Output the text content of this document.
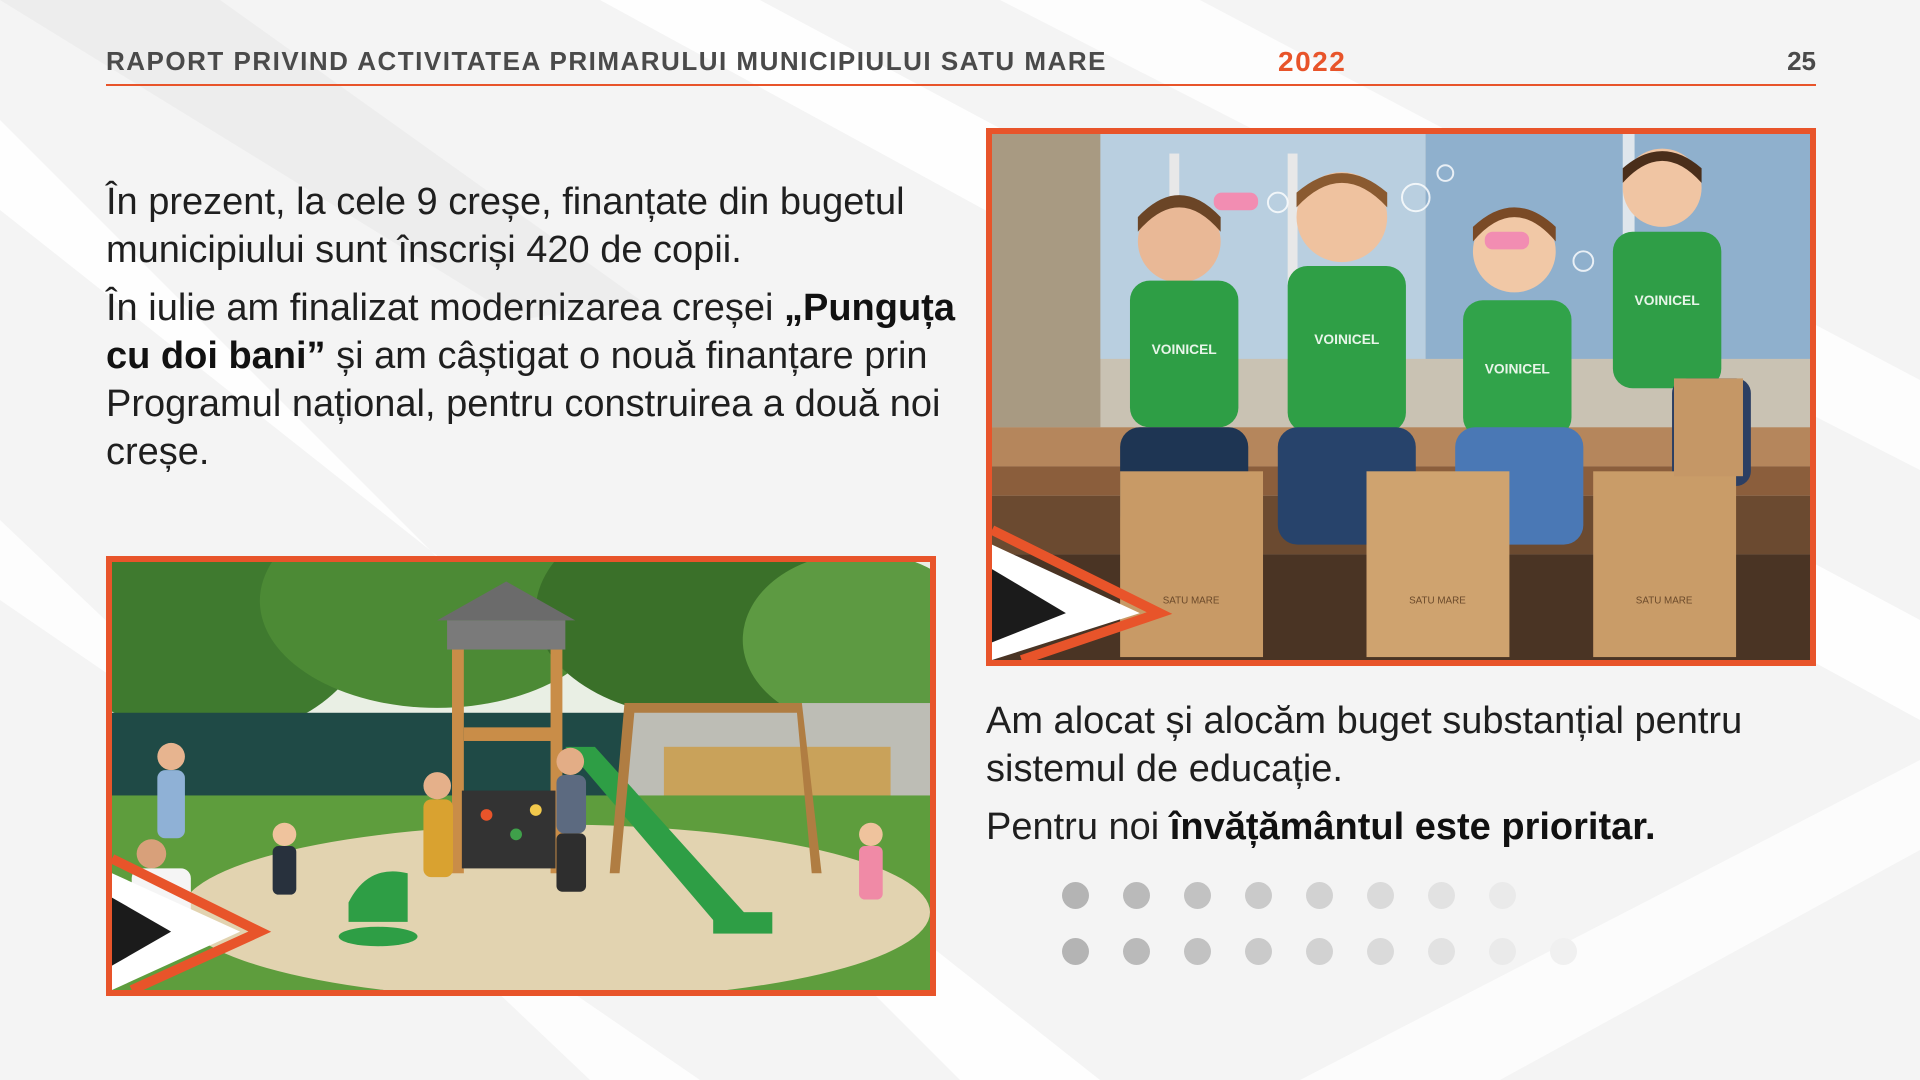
RAPORT PRIVIND ACTIVITATEA PRIMARULUI MUNICIPIULUI SATU MARE	2022	25

În prezent, la cele 9 creșe, finanțate din bugetul municipiului sunt înscriși 420 de copii.

În iulie am finalizat modernizarea creșei „Punguța cu doi bani” și am câștigat o nouă finanțare prin Programul național, pentru construirea a două noi creșe.

SATU MARE	SATU MARE	SATU MARE
VOINICEL
VOINICEL
VOINICEL
VOINICEL

Am alocat și alocăm buget substanțial pentru sistemul de educație.

Pentru noi învățământul este prioritar.
